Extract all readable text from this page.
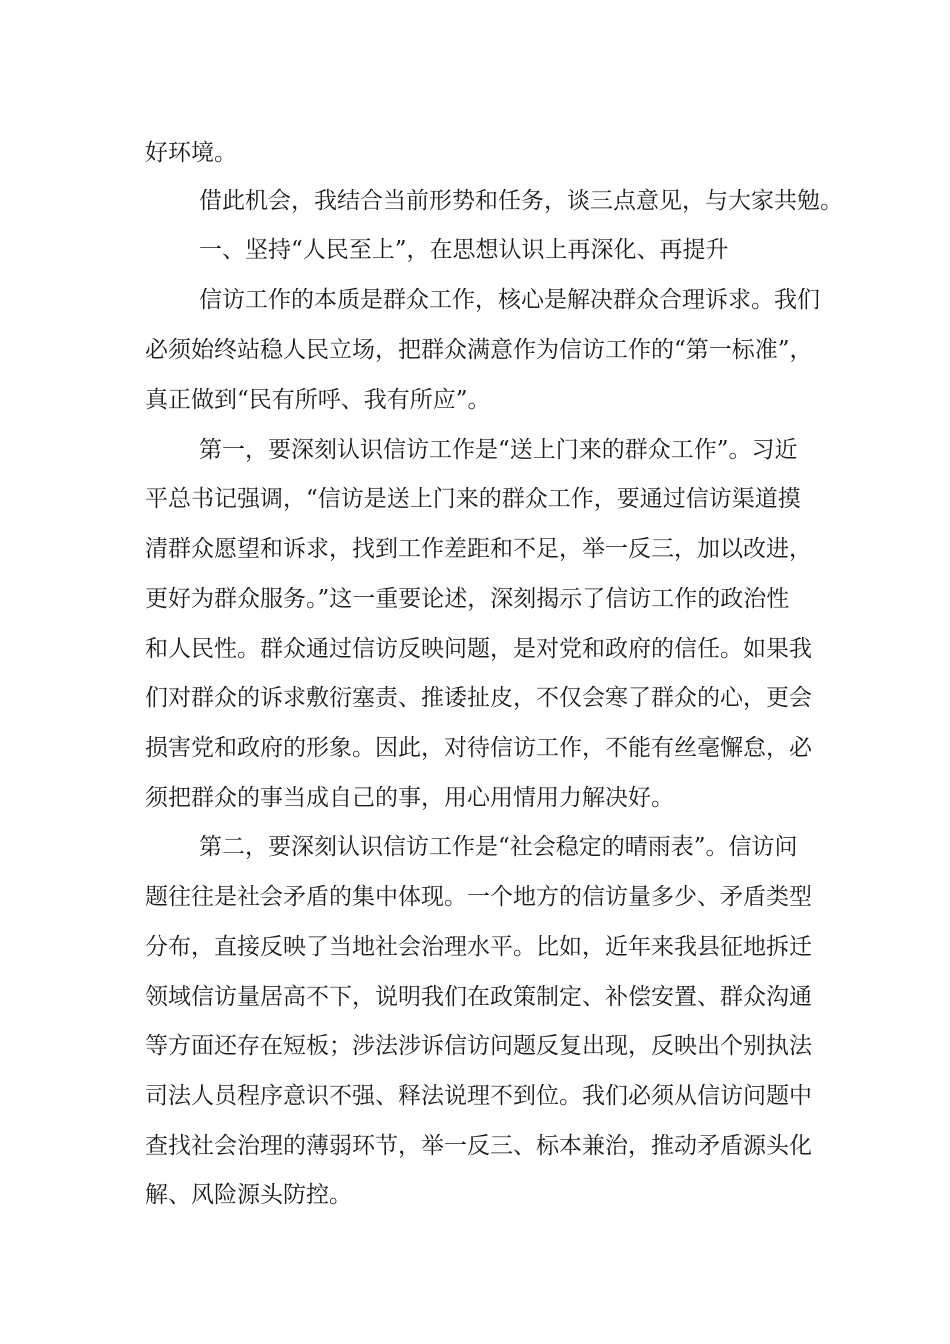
好环境。
借此机会，我结合当前形势和任务，谈三点意见，与大家共勉。
一、坚持“人民至上”，在思想认识上再深化、再提升
信访工作的本质是群众工作，核心是解决群众合理诉求。我们
必须始终站稳人民立场，把群众满意作为信访工作的“第一标准”，
真正做到“民有所呼、我有所应”。
第一，要深刻认识信访工作是“送上门来的群众工作”。习近
平总书记强调，“信访是送上门来的群众工作，要通过信访渠道摸
清群众愿望和诉求，找到工作差距和不足，举一反三，加以改进，
更好为群众服务。”这一重要论述，深刻揭示了信访工作的政治性
和人民性。群众通过信访反映问题，是对党和政府的信任。如果我
们对群众的诉求敷衍塞责、推诿扯皮，不仅会寒了群众的心，更会
损害党和政府的形象。因此，对待信访工作，不能有丝毫懈怠，必
须把群众的事当成自己的事，用心用情用力解决好。
第二，要深刻认识信访工作是“社会稳定的晴雨表”。信访问
题往往是社会矛盾的集中体现。一个地方的信访量多少、矛盾类型
分布，直接反映了当地社会治理水平。比如，近年来我县征地拆迁
领域信访量居高不下，说明我们在政策制定、补偿安置、群众沟通
等方面还存在短板；涉法涉诉信访问题反复出现，反映出个别执法
司法人员程序意识不强、释法说理不到位。我们必须从信访问题中
查找社会治理的薄弱环节，举一反三、标本兼治，推动矛盾源头化
解、风险源头防控。
